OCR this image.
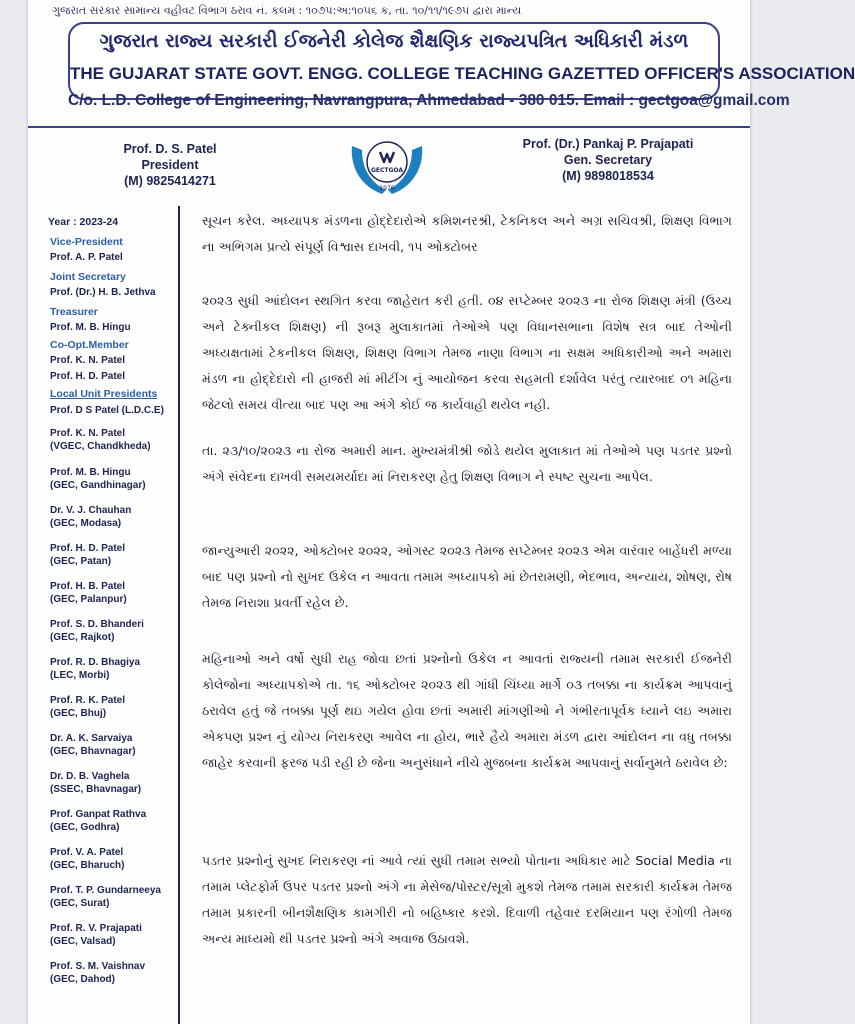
ગુજરાત સરકાર સામાન્ય વહીવટ વિભાગ ઠરાવ નં. કલમ : ૧૦૭૫:અ:૧૦૫૬ ક, તા. ૧૦/૧૧/૧૯૭૫ દ્વારા માન્ય
ગુજરાત રાજ્ય સરકારી ઈજનેરી કોલેજ શૈક્ષણિક રાજ્યપત્રિત અધિકારી મંડળ
THE GUJARAT STATE GOVT. ENGG. COLLEGE TEACHING GAZETTED OFFICER'S ASSOCIATION
C/o. L.D. College of Engineering, Navrangpura, Ahmedabad - 380 015. Email : gectgoa@gmail.com
Prof. D. S. Patel
President
(M) 9825414271
GECTGOA
1976
Prof. (Dr.) Pankaj P. Prajapati
Gen. Secretary
(M) 9898018534
Year : 2023-24
Vice-President
Prof. A. P. Patel
Joint Secretary
Prof. (Dr.) H. B. Jethva
Treasurer
Prof. M. B. Hingu
Co-Opt.Member
Prof. K. N. Patel
Prof. H. D. Patel
Local Unit Presidents
Prof. D S Patel (L.D.C.E)
Prof. K. N. Patel
(VGEC, Chandkheda)
Prof. M. B. Hingu
(GEC, Gandhinagar)
Dr. V. J. Chauhan
(GEC, Modasa)
Prof. H. D. Patel
(GEC, Patan)
Prof. H. B. Patel
(GEC, Palanpur)
Prof. S. D. Bhanderi
(GEC, Rajkot)
Prof. R. D. Bhagiya
(LEC, Morbi)
Prof. R. K. Patel
(GEC, Bhuj)
Dr. A. K. Sarvaiya
(GEC, Bhavnagar)
Dr. D. B. Vaghela
(SSEC, Bhavnagar)
Prof. Ganpat Rathva
(GEC, Godhra)
Prof. V. A. Patel
(GEC, Bharuch)
Prof. T. P. Gundarneeya
(GEC, Surat)
Prof. R. V. Prajapati
(GEC, Valsad)
Prof. S. M. Vaishnav
(GEC, Dahod)

સૂચન કરેલ. અધ્યાપક મંડળના હોદ્દેદારોએ કમિશનરશ્રી, ટેકનિકલ અને અગ્ર સચિવશ્રી, શિક્ષણ વિભાગ ના અભિગમ પ્રત્યે સંપૂર્ણ વિશ્વાસ દાખવી, ૧૫ ઓક્ટોબર

૨૦૨૩ સુધી આંદોલન સ્થગિત કરવા જાહેરાત કરી હતી. ૦૪ સપ્ટેમ્બર ૨૦૨૩ ના રોજ શિક્ષણ મંત્રી (ઉચ્ચ અને ટેક્નીકલ શિક્ષણ) ની રૂબરૂ મુલાકાતમાં તેઓએ પણ વિધાનસભાના વિશેષ સત્ર બાદ તેઓની અધ્યક્ષતામાં ટેકનીકલ શિક્ષણ, શિક્ષણ વિભાગ તેમજ નાણા વિભાગ ના સક્ષમ અધિકારીઓ અને અમારા મંડળ ના હોદ્દેદારો ની હાજરી માં મીટીંગ નું આયોજન કરવા સહમતી દર્શાવેલ પરંતુ ત્યારબાદ ૦૧ મહિના જેટલો સમય વીત્યા બાદ પણ આ અંગે કોઈ જ કાર્યવાહી થયેલ નહી.

તા. ૨૩/૧૦/૨૦૨૩ ના રોજ અમારી માન. મુખ્યમંત્રીશ્રી જોડે થયેલ મુલાકાત માં તેઓએ પણ પડતર પ્રશ્નો અંગે સંવેદના દાખવી સમયમર્યાદા માં નિરાકરણ હેતુ શિક્ષણ વિભાગ ને સ્પષ્ટ સુચના આપેલ.

જાન્યુઆરી ૨૦૨૨, ઓક્ટોબર ૨૦૨૨, ઓગસ્ટ ૨૦૨૩ તેમજ સપ્ટેમ્બર ૨૦૨૩ એમ વારંવાર બાહેંધરી મળ્યા બાદ પણ પ્રશ્નો નો સુખદ ઉકેલ ન આવતા તમામ અધ્યાપકો માં છેતરામણી, ભેદભાવ, અન્યાય, શોષણ, રોષ તેમજ નિરાશા પ્રવર્તી રહેલ છે.

મહિનાઓ અને વર્ષો સુધી રાહ જોવા છતાં પ્રશ્નોનો ઉકેલ ન આવતાં રાજ્યની તમામ સરકારી ઈજનેરી કોલેજોના અધ્યાપકોએ તા. ૧૬ ઓક્ટોબર ૨૦૨૩ થી ગાંધી ચિંધ્યા માર્ગે ૦૩ તબક્કા ના કાર્યક્રમ આપવાનું ઠરાવેલ હતું જે તબક્કા પૂર્ણ થઇ ગયેલ હોવા છતાં અમારી માંગણીઓ ને ગંભીરતાપૂર્વક ધ્યાને લઇ અમારા એકપણ પ્રશ્ન નું યોગ્ય નિરાકરણ આવેલ ના હોય, ભારે હૈયે અમારા મંડળ દ્વારા આંદોલન ના વધુ તબક્કા જાહેર કરવાની ફરજ પડી રહી છે જેના અનુસંધાને નીચે મુજબના કાર્યક્રમ આપવાનું સર્વાનુમતે ઠરાવેલ છે:

પડતર પ્રશ્નોનું સુખદ નિરાકરણ નાં આવે ત્યાં સુધી તમામ સભ્યો પોતાના અધિકાર માટે Social Media ના તમામ પ્લેટફોર્મ ઉપર પડતર પ્રશ્નો અંગે ના મેસેજ/પોસ્ટર/સૂત્રો મુકશે તેમજ તમામ સરકારી કાર્યક્રમ તેમજ તમામ પ્રકારની બીનશૈક્ષણિક કામગીરી નો બહિષ્કાર કરશે. દિવાળી તહેવાર દરમિયાન પણ રંગોળી તેમજ અન્ય માધ્યમો થી પડતર પ્રશ્નો અંગે અવાજ ઉઠાવશે.
